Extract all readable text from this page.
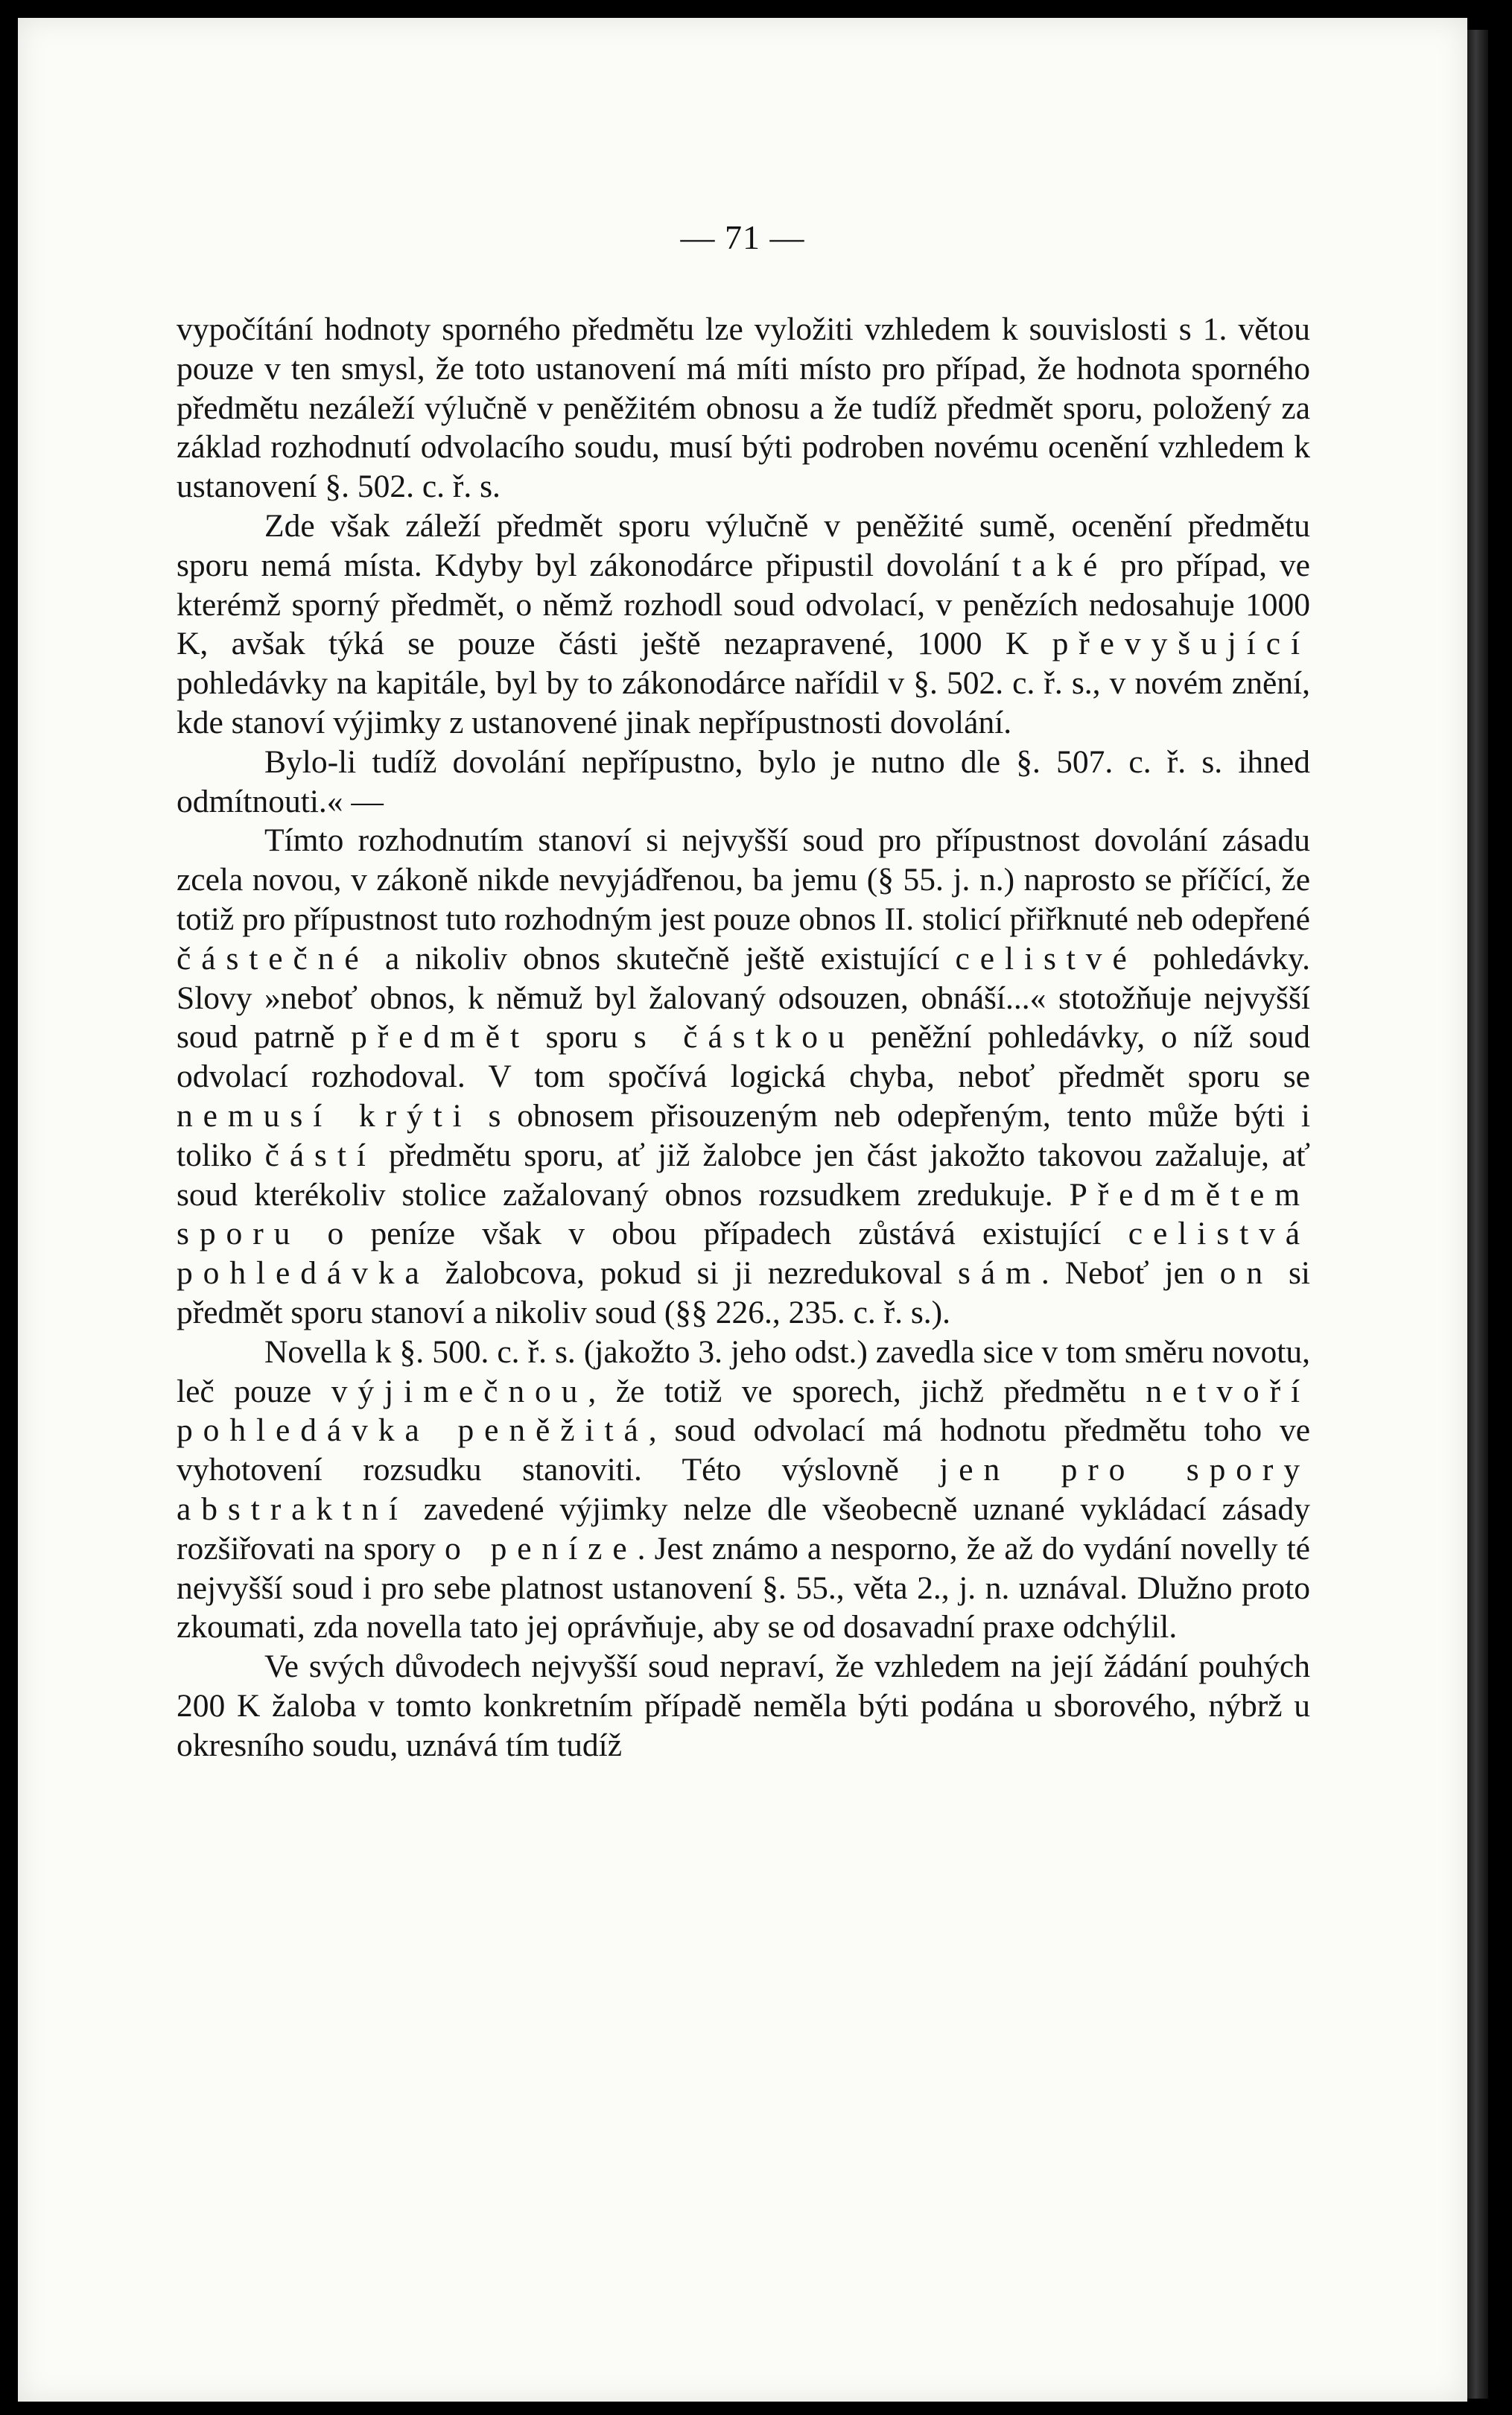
— 71 —

vypočítání hodnoty sporného předmětu lze vyložiti vzhledem k souvislosti s 1. větou pouze v ten smysl, že toto ustanovení má míti místo pro případ, že hodnota sporného předmětu nezáleží výlučně v peněžitém obnosu a že tudíž předmět sporu, položený za základ rozhodnutí odvolacího soudu, musí býti podroben novému ocenění vzhledem k ustanovení §. 502. c. ř. s.

Zde však záleží předmět sporu výlučně v peněžité sumě, ocenění předmětu sporu nemá místa. Kdyby byl zákonodárce připustil dovolání také pro případ, ve kterémž sporný předmět, o němž rozhodl soud odvolací, v penězích nedosahuje 1000 K, avšak týká se pouze části ještě nezapravené, 1000 K převyšující pohledávky na kapitále, byl by to zákonodárce nařídil v §. 502. c. ř. s., v novém znění, kde stanoví výjimky z ustanovené jinak nepřípustnosti dovolání.

Bylo-li tudíž dovolání nepřípustno, bylo je nutno dle §. 507. c. ř. s. ihned odmítnouti.« —

Tímto rozhodnutím stanoví si nejvyšší soud pro přípustnost dovolání zásadu zcela novou, v zákoně nikde nevyjádřenou, ba jemu (§ 55. j. n.) naprosto se příčící, že totiž pro přípustnost tuto rozhodným jest pouze obnos II. stolicí přiřknuté neb odepřené částečné a nikoliv obnos skutečně ještě existující celistvé pohledávky. Slovy »neboť obnos, k němuž byl žalovaný odsouzen, obnáší...« stotožňuje nejvyšší soud patrně předmět sporu s částkou peněžní pohledávky, o níž soud odvolací rozhodoval. V tom spočívá logická chyba, neboť předmět sporu se nemusí krýti s obnosem přisouzeným neb odepřeným, tento může býti i toliko částí předmětu sporu, ať již žalobce jen část jakožto takovou zažaluje, ať soud kterékoliv stolice zažalovaný obnos rozsudkem zredukuje. Předmětem sporu o peníze však v obou případech zůstává existující celistvá pohledávka žalobcova, pokud si ji nezredukoval sám. Neboť jen on si předmět sporu stanoví a nikoliv soud (§§ 226., 235. c. ř. s.).

Novella k §. 500. c. ř. s. (jakožto 3. jeho odst.) zavedla sice v tom směru novotu, leč pouze výjimečnou, že totiž ve sporech, jichž předmětu netvoří pohledávka peněžitá, soud odvolací má hodnotu předmětu toho ve vyhotovení rozsudku stanoviti. Této výslovně jen pro spory abstraktní zavedené výjimky nelze dle všeobecně uznané vykládací zásady rozšiřovati na spory o peníze. Jest známo a nesporno, že až do vydání novelly té nejvyšší soud i pro sebe platnost ustanovení §. 55., věta 2., j. n. uznával. Dlužno proto zkoumati, zda novella tato jej oprávňuje, aby se od dosavadní praxe odchýlil.

Ve svých důvodech nejvyšší soud nepraví, že vzhledem na její žádání pouhých 200 K žaloba v tomto konkretním případě neměla býti podána u sborového, nýbrž u okresního soudu, uznává tím tudíž
